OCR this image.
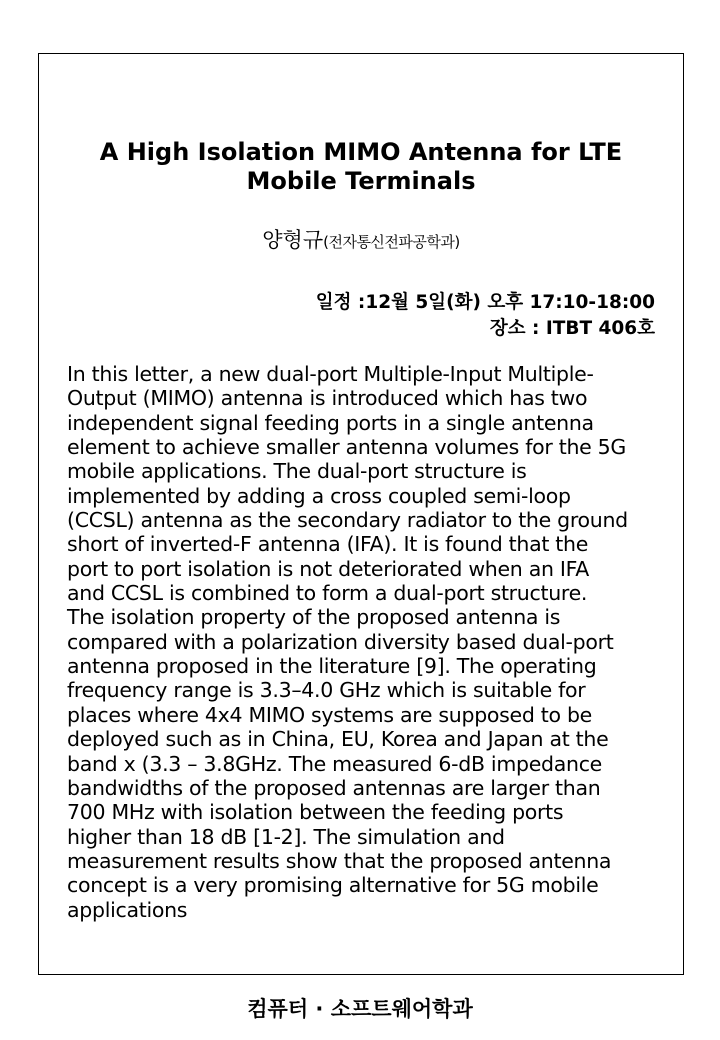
A High Isolation MIMO Antenna for LTE
Mobile Terminals
양형규(전자통신전파공학과)
일정 :12월 5일(화) 오후 17:10-18:00
장소 : ITBT 406호
In this letter, a new dual-port Multiple-Input Multiple-
Output (MIMO) antenna is introduced which has two
independent signal feeding ports in a single antenna
element to achieve smaller antenna volumes for the 5G
mobile applications. The dual-port structure is
implemented by adding a cross coupled semi-loop
(CCSL) antenna as the secondary radiator to the ground
short of inverted-F antenna (IFA). It is found that the
port to port isolation is not deteriorated when an IFA
and CCSL is combined to form a dual-port structure.
The isolation property of the proposed antenna is
compared with a polarization diversity based dual-port
antenna proposed in the literature [9]. The operating
frequency range is 3.3–4.0 GHz which is suitable for
places where 4x4 MIMO systems are supposed to be
deployed such as in China, EU, Korea and Japan at the
band x (3.3 – 3.8GHz. The measured 6-dB impedance
bandwidths of the proposed antennas are larger than
700 MHz with isolation between the feeding ports
higher than 18 dB [1-2]. The simulation and
measurement results show that the proposed antenna
concept is a very promising alternative for 5G mobile
applications
컴퓨터 · 소프트웨어학과
